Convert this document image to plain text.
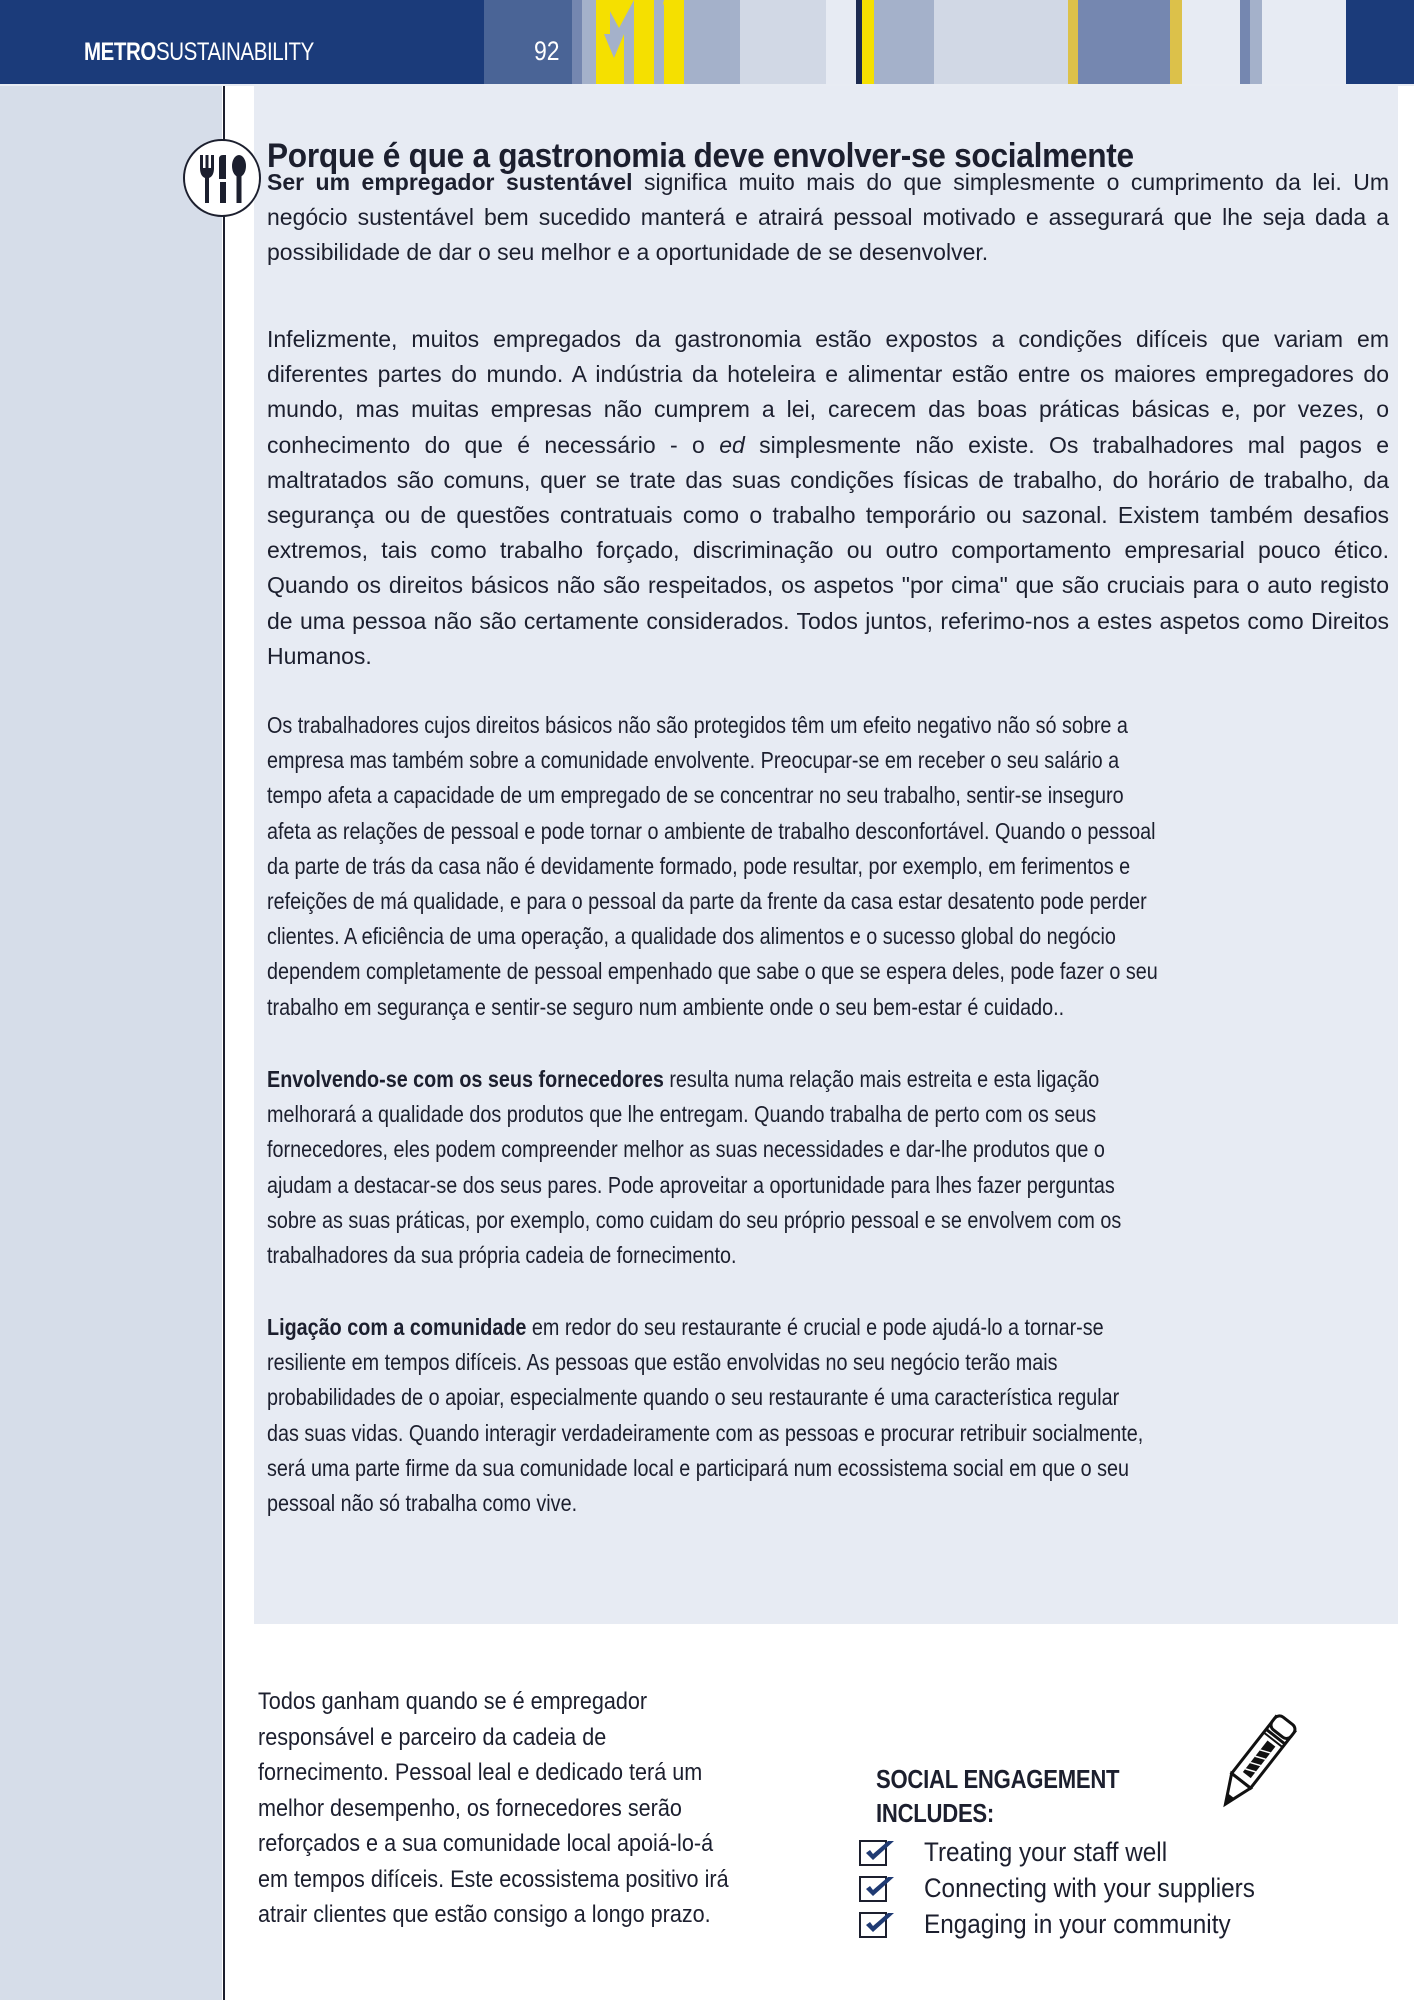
METROSUSTAINABILITY	92
Porque é que a gastronomia deve envolver-se socialmente

Ser um empregador sustentável significa muito mais do que simplesmente o cumprimento da lei. Um negócio sustentável bem sucedido manterá e atrairá pessoal motivado e assegurará que lhe seja dada a possibilidade de dar o seu melhor e a oportunidade de se desenvolver.

Infelizmente, muitos empregados da gastronomia estão expostos a condições difíceis que variam em diferentes partes do mundo. A indústria da hoteleira e alimentar estão entre os maiores empregadores do mundo, mas muitas empresas não cumprem a lei, carecem das boas práticas básicas e, por vezes, o conhecimento do que é necessário - o ed simplesmente não existe. Os trabalhadores mal pagos e maltratados são comuns, quer se trate das suas condições físicas de trabalho, do horário de trabalho, da segurança ou de questões contratuais como o trabalho temporário ou sazonal. Existem também desafios extremos, tais como trabalho forçado, discriminação ou outro comportamento empresarial pouco ético. Quando os direitos básicos não são respeitados, os aspetos "por cima" que são cruciais para o auto registo de uma pessoa não são certamente considerados. Todos juntos, referimo-nos a estes aspetos como Direitos Humanos.

Os trabalhadores cujos direitos básicos não são protegidos têm um efeito negativo não só sobre a
empresa mas também sobre a comunidade envolvente. Preocupar-se em receber o seu salário a
tempo afeta a capacidade de um empregado de se concentrar no seu trabalho, sentir-se inseguro
afeta as relações de pessoal e pode tornar o ambiente de trabalho desconfortável. Quando o pessoal
da parte de trás da casa não é devidamente formado, pode resultar, por exemplo, em ferimentos e
refeições de má qualidade, e para o pessoal da parte da frente da casa estar desatento pode perder
clientes. A eficiência de uma operação, a qualidade dos alimentos e o sucesso global do negócio
dependem completamente de pessoal empenhado que sabe o que se espera deles, pode fazer o seu
trabalho em segurança e sentir-se seguro num ambiente onde o seu bem-estar é cuidado..
Envolvendo-se com os seus fornecedores resulta numa relação mais estreita e esta ligação
melhorará a qualidade dos produtos que lhe entregam. Quando trabalha de perto com os seus
fornecedores, eles podem compreender melhor as suas necessidades e dar-lhe produtos que o
ajudam a destacar-se dos seus pares. Pode aproveitar a oportunidade para lhes fazer perguntas
sobre as suas práticas, por exemplo, como cuidam do seu próprio pessoal e se envolvem com os
trabalhadores da sua própria cadeia de fornecimento.
Ligação com a comunidade em redor do seu restaurante é crucial e pode ajudá-lo a tornar-se
resiliente em tempos difíceis. As pessoas que estão envolvidas no seu negócio terão mais
probabilidades de o apoiar, especialmente quando o seu restaurante é uma característica regular
das suas vidas. Quando interagir verdadeiramente com as pessoas e procurar retribuir socialmente,
será uma parte firme da sua comunidade local e participará num ecossistema social em que o seu
pessoal não só trabalha como vive.
Todos ganham quando se é empregador
responsável e parceiro da cadeia de
fornecimento. Pessoal leal e dedicado terá um
melhor desempenho, os fornecedores serão
reforçados e a sua comunidade local apoiá-lo-á
em tempos difíceis. Este ecossistema positivo irá
atrair clientes que estão consigo a longo prazo.
SOCIAL ENGAGEMENT
INCLUDES:
Treating your staff well
Connecting with your suppliers
Engaging in your community
